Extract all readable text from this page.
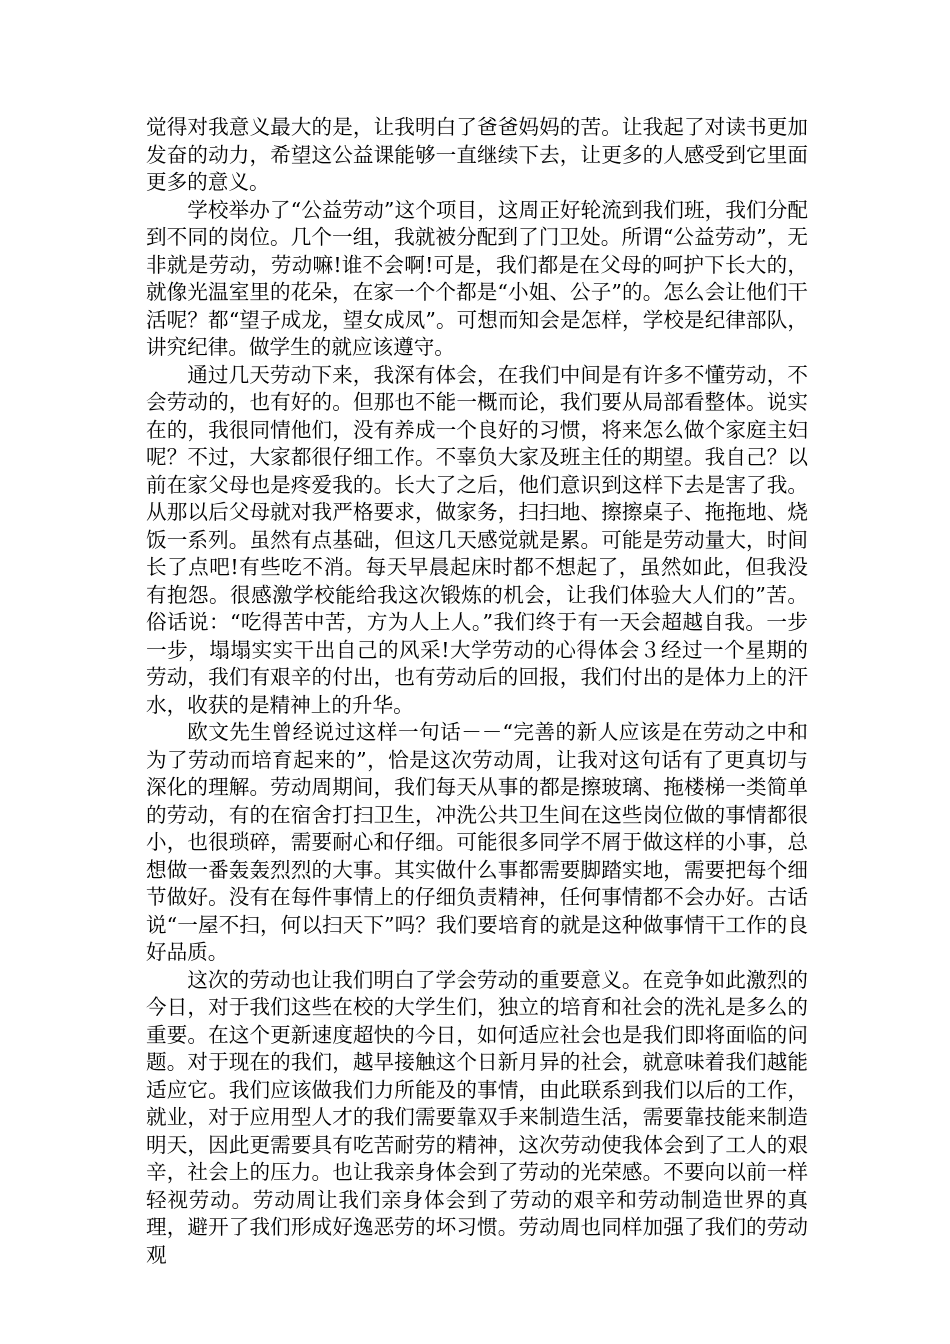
觉得对我意义最大的是，让我明白了爸爸妈妈的苦。让我起了对读书更加发奋的动力，希望这公益课能够一直继续下去，让更多的人感受到它里面更多的意义。

学校举办了“公益劳动”这个项目，这周正好轮流到我们班，我们分配到不同的岗位。几个一组，我就被分配到了门卫处。所谓“公益劳动”，无非就是劳动，劳动嘛!谁不会啊!可是，我们都是在父母的呵护下长大的，就像光温室里的花朵，在家一个个都是“小姐、公子”的。怎么会让他们干活呢？都“望子成龙，望女成凤”。可想而知会是怎样，学校是纪律部队，讲究纪律。做学生的就应该遵守。

通过几天劳动下来，我深有体会，在我们中间是有许多不懂劳动，不会劳动的，也有好的。但那也不能一概而论，我们要从局部看整体。说实在的，我很同情他们，没有养成一个良好的习惯，将来怎么做个家庭主妇呢？不过，大家都很仔细工作。不辜负大家及班主任的期望。我自己？以前在家父母也是疼爱我的。长大了之后，他们意识到这样下去是害了我。从那以后父母就对我严格要求，做家务，扫扫地、擦擦桌子、拖拖地、烧饭一系列。虽然有点基础，但这几天感觉就是累。可能是劳动量大，时间长了点吧!有些吃不消。每天早晨起床时都不想起了，虽然如此，但我没有抱怨。很感激学校能给我这次锻炼的机会，让我们体验大人们的”苦。俗话说：“吃得苦中苦，方为人上人。”我们终于有一天会超越自我。一步一步，塌塌实实干出自己的风采!大学劳动的心得体会３经过一个星期的劳动，我们有艰辛的付出，也有劳动后的回报，我们付出的是体力上的汗水，收获的是精神上的升华。

欧文先生曾经说过这样一句话－－“完善的新人应该是在劳动之中和为了劳动而培育起来的”，恰是这次劳动周，让我对这句话有了更真切与深化的理解。劳动周期间，我们每天从事的都是擦玻璃、拖楼梯一类简单的劳动，有的在宿舍打扫卫生，冲洗公共卫生间在这些岗位做的事情都很小，也很琐碎，需要耐心和仔细。可能很多同学不屑于做这样的小事，总想做一番轰轰烈烈的大事。其实做什么事都需要脚踏实地，需要把每个细节做好。没有在每件事情上的仔细负责精神，任何事情都不会办好。古话说“一屋不扫，何以扫天下”吗？我们要培育的就是这种做事情干工作的良好品质。

这次的劳动也让我们明白了学会劳动的重要意义。在竞争如此激烈的今日，对于我们这些在校的大学生们，独立的培育和社会的洗礼是多么的重要。在这个更新速度超快的今日，如何适应社会也是我们即将面临的问题。对于现在的我们，越早接触这个日新月异的社会，就意味着我们越能适应它。我们应该做我们力所能及的事情，由此联系到我们以后的工作，就业，对于应用型人才的我们需要靠双手来制造生活，需要靠技能来制造明天，因此更需要具有吃苦耐劳的精神，这次劳动使我体会到了工人的艰辛，社会上的压力。也让我亲身体会到了劳动的光荣感。不要向以前一样轻视劳动。劳动周让我们亲身体会到了劳动的艰辛和劳动制造世界的真理，避开了我们形成好逸恶劳的坏习惯。劳动周也同样加强了我们的劳动观
